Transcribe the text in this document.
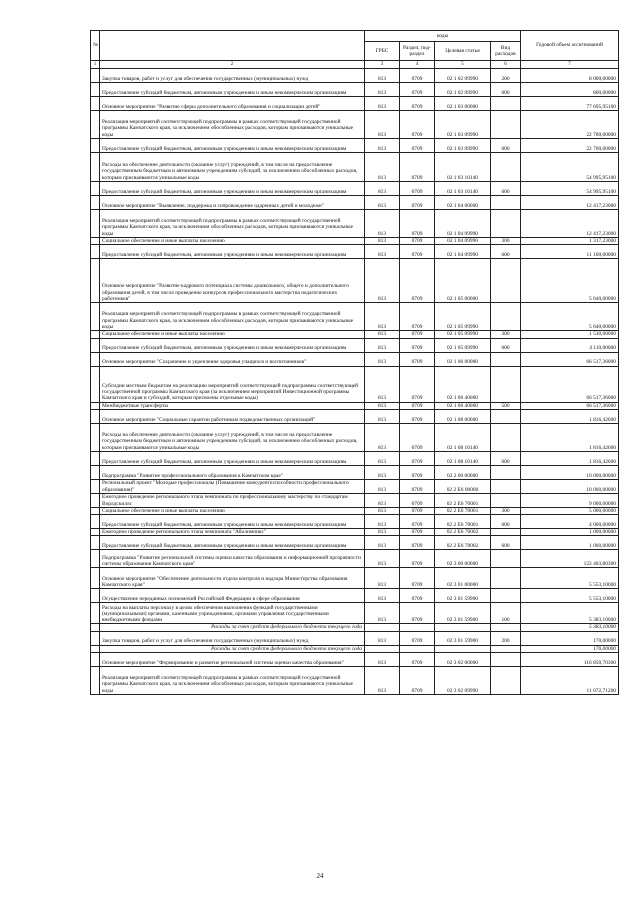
№		коды				Годовой объем ассигнований
		ГРБС	Раздел, под-раздел	Целевая статья	Вид расходов	
1	2	3	4	5	6	7
	Закупка товаров, работ и услуг для обеспечения государственных (муниципальных) нужд	813	0709	02 1 02 09990	200	8 000,00000
	Предоставление субсидий бюджетным, автономным учреждениям и иным некоммерческим организациям	813	0709	02 1 02 09990	600	800,00000
	Основное мероприятие "Развитие сферы дополнительного образования и социализации детей"	813	0709	02 1 03 00000		77 695,95100
	Реализация мероприятий соответствующей подпрограммы в рамках соответствующей государственной программы Камчатского края, за исключением обособленных расходов, которым присваиваются уникальные коды	813	0709	02 1 03 09990		22 700,00000
	Предоставление субсидий бюджетным, автономным учреждениям и иным некоммерческим организациям	813	0709	02 1 03 09990	600	22 700,00000
	Расходы на обеспечение деятельности (оказание услуг) учреждений, в том числе на предоставление государственным бюджетным и автономным учреждениям субсидий, за исключением обособленных расходов, которым присваиваются уникальные коды	813	0709	02 1 03 10140		54 995,95100
	Предоставление субсидий бюджетным, автономным учреждениям и иным некоммерческим организациям	813	0709	02 1 03 10140	600	54 995,95100
	Основное мероприятие "Выявление, поддержка и сопровождение одаренных детей и молодежи"	813	0709	02 1 04 00000		12 417,23000
	Реализация мероприятий соответствующей подпрограммы в рамках соответствующей государственной программы Камчатского края, за исключением обособленных расходов, которым присваиваются уникальные коды	813	0709	02 1 04 09990		12 417,23000
	Социальное обеспечение и иные выплаты населению	813	0709	02 1 04 09990	300	1 317,23000
	Предоставление субсидий бюджетным, автономным учреждениям и иным некоммерческим организациям	813	0709	02 1 04 09990	600	11 100,00000
	Основное мероприятие "Развитие кадрового потенциала системы дошкольного, общего и дополнительного образования детей, в том числе проведение конкурсов профессионального мастерства педагогических работников"	813	0709	02 1 05 00000		5 640,00000
	Реализация мероприятий соответствующей подпрограммы в рамках соответствующей государственной программы Камчатского края, за исключением обособленных расходов, которым присваиваются уникальные коды	813	0709	02 1 05 09990		5 640,00000
	Социальное обеспечение и иные выплаты населению	813	0709	02 1 05 09990	300	1 530,00000
	Предоставление субсидий бюджетным, автономным учреждениям и иным некоммерческим организациям	813	0709	02 1 05 09990	600	4 110,00000
	Основное мероприятие "Сохранение и укрепление здоровья учащихся и воспитанников"	813	0709	02 1 06 00000		66 517,36000
	Субсидии местным бюджетам на реализацию мероприятий соответствующей подпрограммы соответствующей государственной программы Камчатского края (за исключением мероприятий Инвестиционной программы Камчатского края и субсидий, которым присвоены отдельные коды)	813	0709	02 1 06 40060		66 517,36000
	Межбюджетные трансферты	813	0709	02 1 06 40060	500	66 517,36000
	Основное мероприятие "Социальные гарантии работникам подведомственных организаций"	813	0709	02 1 08 00000		1 816,42600
	Расходы на обеспечение деятельности (оказание услуг) учреждений, в том числе на предоставление государственным бюджетным и автономным учреждениям субсидий, за исключением обособленных расходов, которым присваиваются уникальные коды	813	0709	02 1 08 10140		1 816,42600
	Предоставление субсидий бюджетным, автономным учреждениям и иным некоммерческим организациям	813	0709	02 1 08 10140	600	1 816,42600
	Подпрограмма "Развитие профессионального образования в Камчатском крае"	813	0709	02 2 00 00000		10 000,00000
	Региональный проект "Молодые профессионалы (Повышение конкурентоспособности профессионального образования)"	813	0709	02 2 E6 00000		10 000,00000
	Ежегодное проведение регионального этапа чемпионата по профессиональному мастерству по стандартам Ворлдскиллс	813	0709	02 2 E6 70001		9 000,00000
	Социальное обеспечение и иные выплаты населению	813	0709	02 2 E6 70001	300	5 000,00000
	Предоставление субсидий бюджетным, автономным учреждениям и иным некоммерческим организациям	813	0709	02 2 E6 70001	600	4 000,00000
	Ежегодное проведение регионального этапа чемпионата "Абилимпикс"	813	0709	02 2 E6 70002		1 000,00000
	Предоставление субсидий бюджетным, автономным учреждениям и иным некоммерческим организациям	813	0709	02 2 E6 70002	600	1 000,00000
	Подпрограмма "Развитие региональной системы оценки качества образования и информационной прозрачности системы образования Камчатского края"	813	0709	02 3 00 00000		122 403,80300
	Основное мероприятие "Обеспечение деятельности отдела контроля и надзора Министерства образования Камчатского края"	813	0709	02 3 01 00000		5 553,10000
	Осуществление переданных полномочий Российской Федерации в сфере образования	813	0709	02 3 01 59900		5 553,10000
	Расходы на выплаты персоналу в целях обеспечения выполнения функций государственными (муниципальными) органами, казенными учреждениями, органами управления государственными внебюджетными фондами	813	0709	02 3 01 59900	100	5 383,10000
	Расходы за счет средств федерального бюджета текущего года					5 383,10000
	Закупка товаров, работ и услуг для обеспечения государственных (муниципальных) нужд	813	0709	02 3 01 59900	200	170,00000
	Расходы за счет средств федерального бюджета текущего года					170,00000
	Основное мероприятие "Формирование и развитие региональной системы оценки качества образования"	813	0709	02 3 02 00000		116 850,70300
	Реализация мероприятий соответствующей подпрограммы в рамках соответствующей государственной программы Камчатского края, за исключением обособленных расходов, которым присваиваются уникальные коды	813	0709	02 3 02 09990		11 072,71200
24
